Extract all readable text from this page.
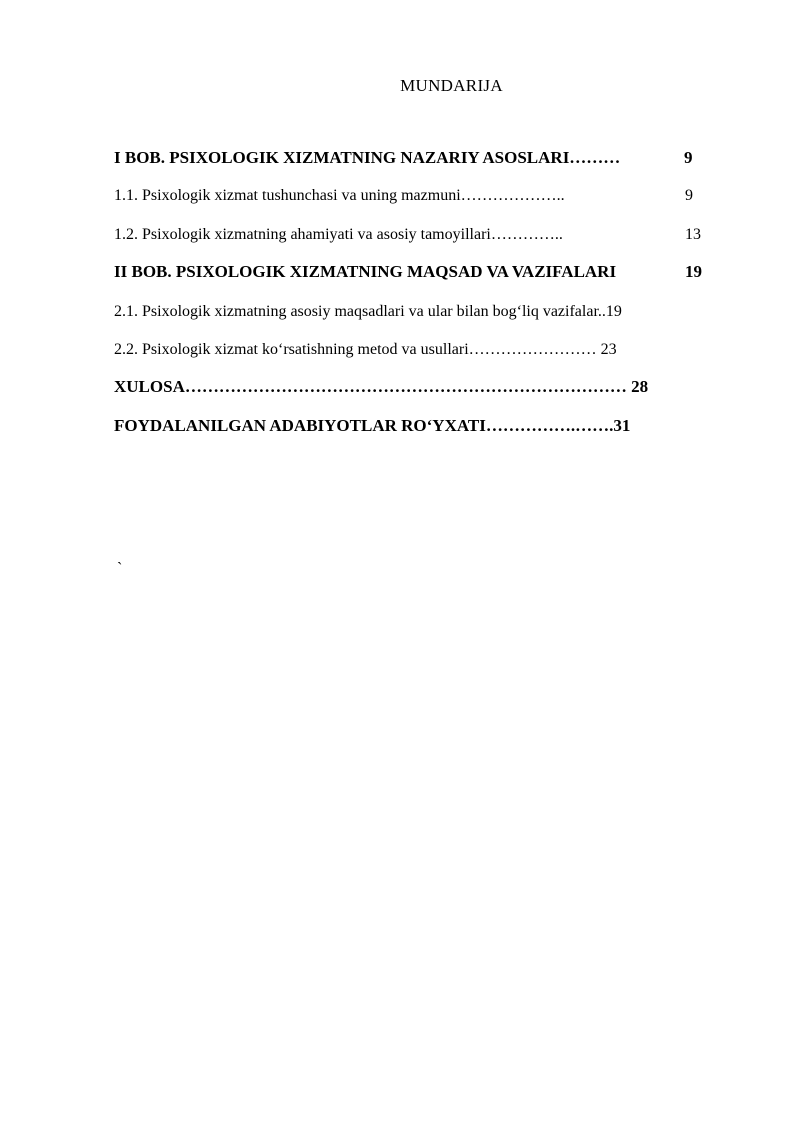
MUNDARIJA
I BOB. PSIXOLOGIK XIZMATNING NAZARIY ASOSLARI………	9
1.1. Psixologik xizmat tushunchasi va uning mazmuni………………..	9
1.2. Psixologik xizmatning ahamiyati va asosiy tamoyillari…………..	13
II BOB. PSIXOLOGIK XIZMATNING MAQSAD VA VAZIFALARI	19
2.1. Psixologik xizmatning asosiy maqsadlari va ular bilan bog‘liq vazifalar..19
2.2. Psixologik xizmat ko‘rsatishning metod va usullari…………………… 23
XULOSA…………………………………………………………………… 28
FOYDALANILGAN ADABIYOTLAR RO‘YXATI…………….…….31
`
